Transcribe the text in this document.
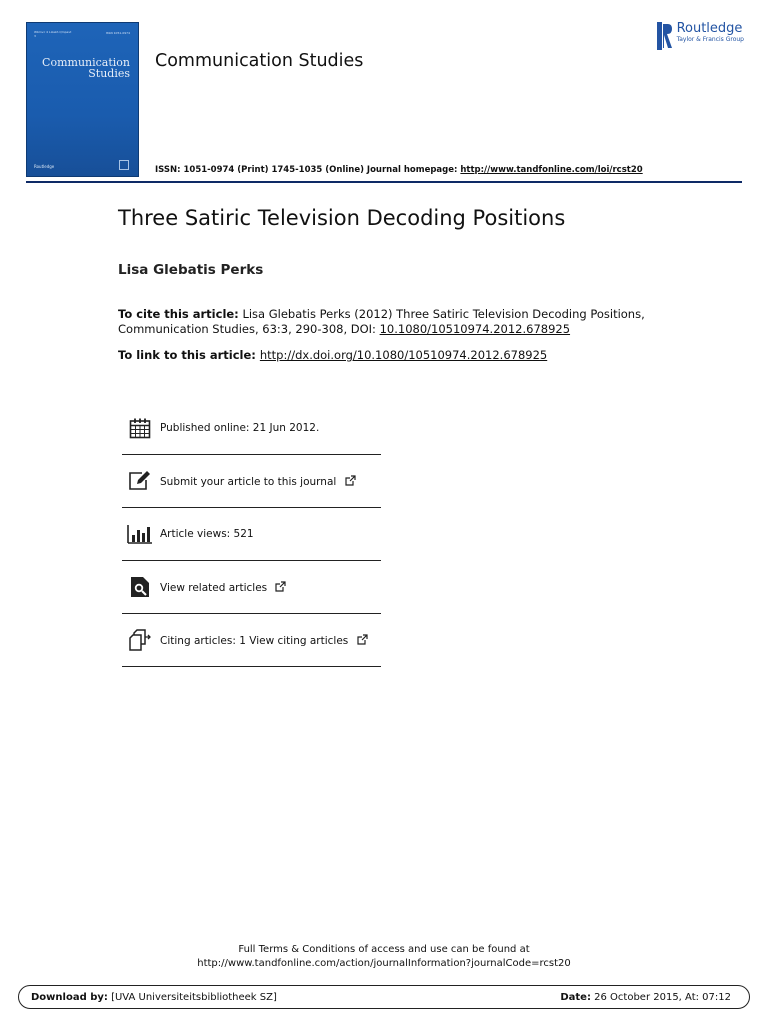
Wbmvc 4 Lizakö Qmpavt 3
ISSN 1051-0974
Communication
Studies
Routledge
Communication Studies
ISSN: 1051-0974 (Print) 1745-1035 (Online) Journal homepage: http://www.tandfonline.com/loi/rcst20
Routledge
Taylor & Francis Group
Three Satiric Television Decoding Positions
Lisa Glebatis Perks
To cite this article: Lisa Glebatis Perks (2012) Three Satiric Television Decoding Positions, Communication Studies, 63:3, 290-308, DOI: 10.1080/10510974.2012.678925
To link to this article: http://dx.doi.org/10.1080/10510974.2012.678925
Published online: 21 Jun 2012.
Submit your article to this journal
Article views: 521
View related articles
Citing articles: 1 View citing articles
Full Terms & Conditions of access and use can be found at
http://www.tandfonline.com/action/journalInformation?journalCode=rcst20
Download by: [UVA Universiteitsbibliotheek SZ]	Date: 26 October 2015, At: 07:12
